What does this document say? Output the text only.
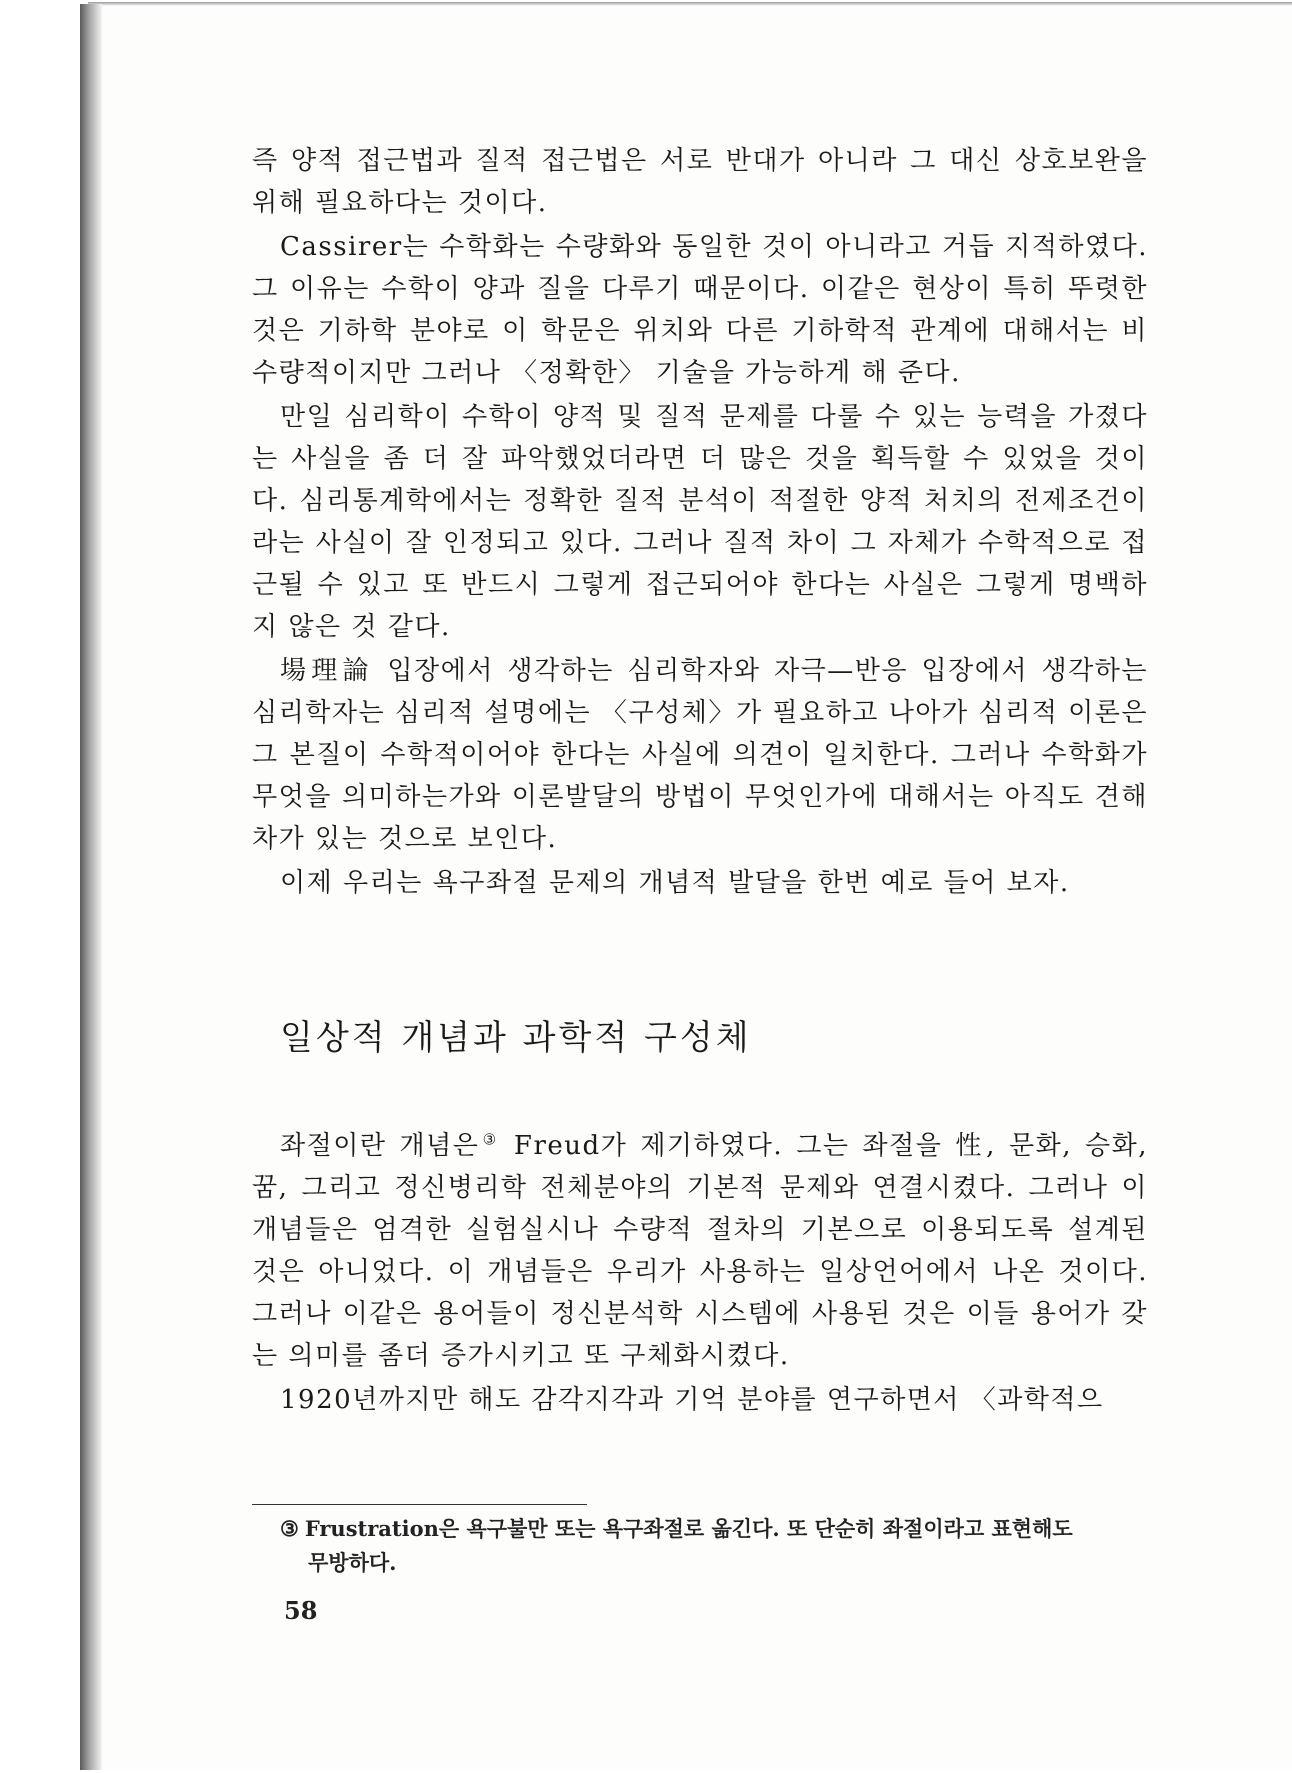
즉 양적 접근법과 질적 접근법은 서로 반대가 아니라 그 대신 상호보완을 위해 필요하다는 것이다.

Cassirer는 수학화는 수량화와 동일한 것이 아니라고 거듭 지적하였다. 그 이유는 수학이 양과 질을 다루기 때문이다. 이같은 현상이 특히 뚜렷한 것은 기하학 분야로 이 학문은 위치와 다른 기하학적 관계에 대해서는 비수량적이지만 그러나 〈정확한〉 기술을 가능하게 해 준다.

만일 심리학이 수학이 양적 및 질적 문제를 다룰 수 있는 능력을 가졌다는 사실을 좀 더 잘 파악했었더라면 더 많은 것을 획득할 수 있었을 것이다. 심리통계학에서는 정확한 질적 분석이 적절한 양적 처치의 전제조건이라는 사실이 잘 인정되고 있다. 그러나 질적 차이 그 자체가 수학적으로 접근될 수 있고 또 반드시 그렇게 접근되어야 한다는 사실은 그렇게 명백하지 않은 것 같다.

場理論 입장에서 생각하는 심리학자와 자극—반응 입장에서 생각하는 심리학자는 심리적 설명에는 〈구성체〉가 필요하고 나아가 심리적 이론은 그 본질이 수학적이어야 한다는 사실에 의견이 일치한다. 그러나 수학화가 무엇을 의미하는가와 이론발달의 방법이 무엇인가에 대해서는 아직도 견해차가 있는 것으로 보인다.

이제 우리는 욕구좌절 문제의 개념적 발달을 한번 예로 들어 보자.

일상적 개념과 과학적 구성체

좌절이란 개념은③ Freud가 제기하였다. 그는 좌절을 性, 문화, 승화, 꿈, 그리고 정신병리학 전체분야의 기본적 문제와 연결시켰다. 그러나 이 개념들은 엄격한 실험실시나 수량적 절차의 기본으로 이용되도록 설계된 것은 아니었다. 이 개념들은 우리가 사용하는 일상언어에서 나온 것이다. 그러나 이같은 용어들이 정신분석학 시스템에 사용된 것은 이들 용어가 갖는 의미를 좀더 증가시키고 또 구체화시켰다.

1920년까지만 해도 감각지각과 기억 분야를 연구하면서 〈과학적으

③ Frustration은 욕구불만 또는 욕구좌절로 옮긴다. 또 단순히 좌절이라고 표현해도
무방하다.
58
